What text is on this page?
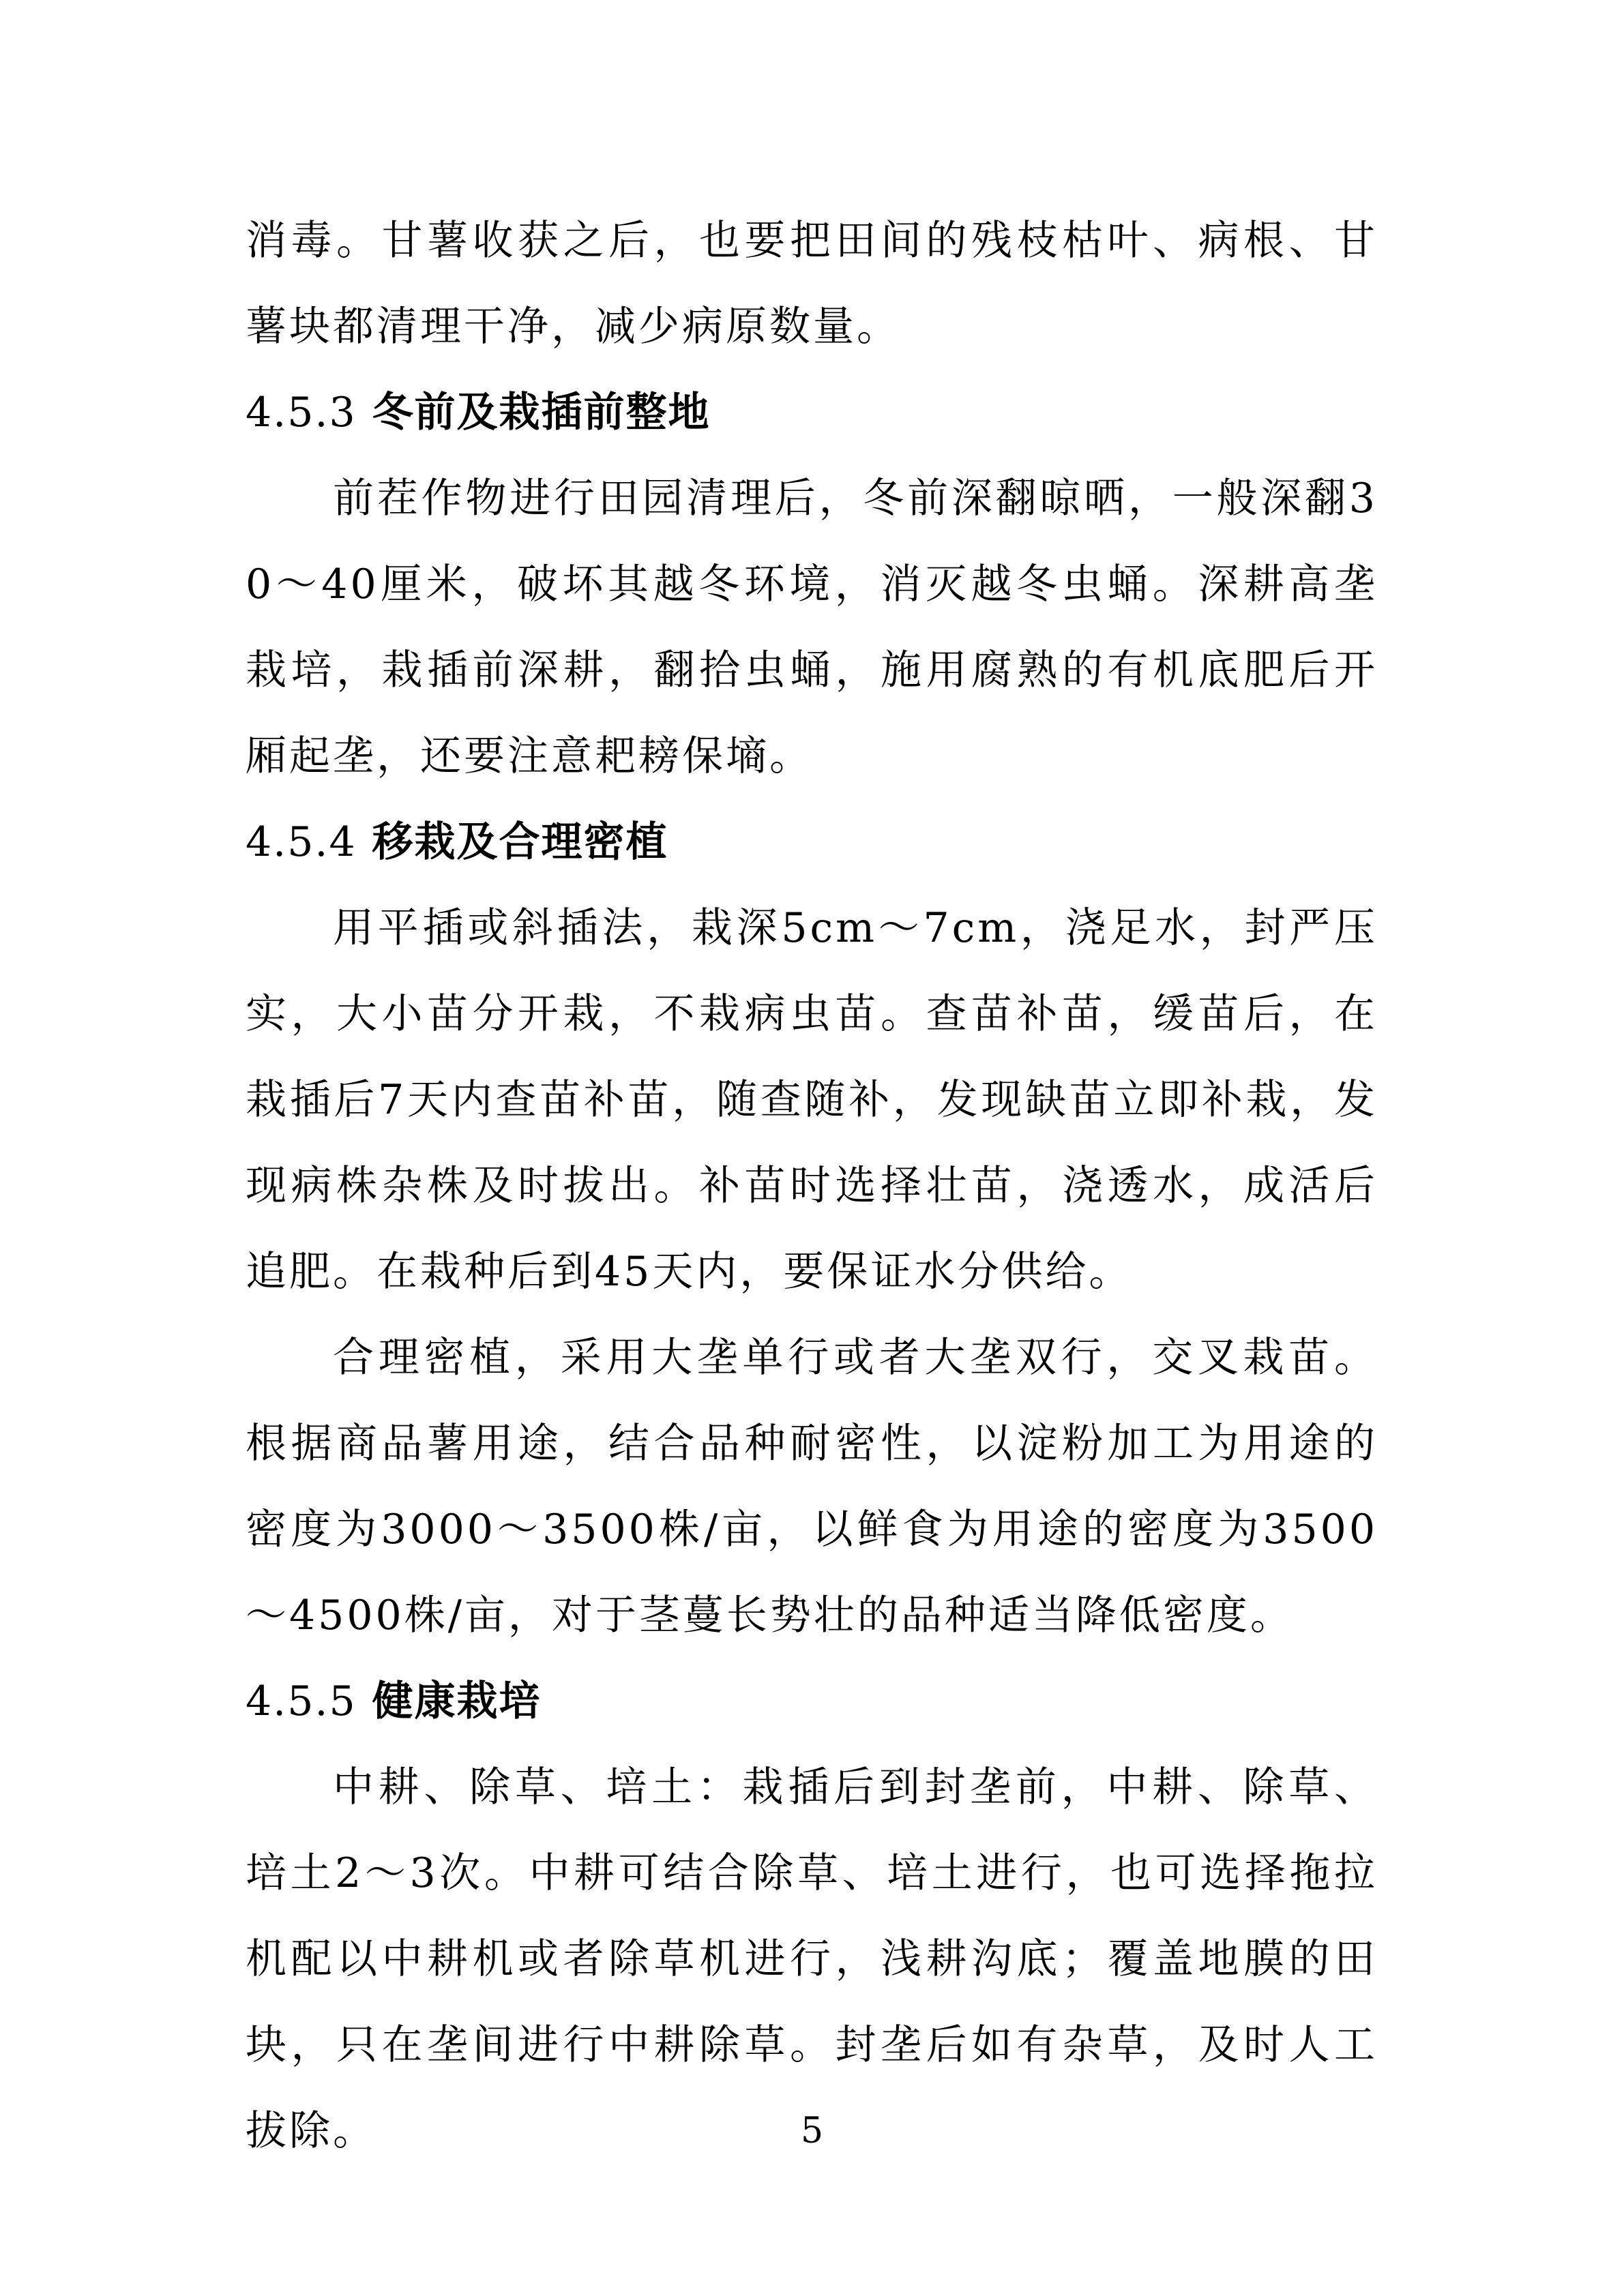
消毒。甘薯收获之后，也要把田间的残枝枯叶、病根、甘薯块都清理干净，减少病原数量。

4.5.3 冬前及栽插前整地

前茬作物进行田园清理后，冬前深翻晾晒，一般深翻30～40厘米，破坏其越冬环境，消灭越冬虫蛹。深耕高垄栽培，栽插前深耕，翻拾虫蛹，施用腐熟的有机底肥后开厢起垄，还要注意耙耪保墒。

4.5.4 移栽及合理密植

用平插或斜插法，栽深5cm～7cm，浇足水，封严压实，大小苗分开栽，不栽病虫苗。查苗补苗，缓苗后，在栽插后7天内查苗补苗，随查随补，发现缺苗立即补栽，发现病株杂株及时拔出。补苗时选择壮苗，浇透水，成活后追肥。在栽种后到45天内，要保证水分供给。

合理密植，采用大垄单行或者大垄双行，交叉栽苗。根据商品薯用途，结合品种耐密性，以淀粉加工为用途的密度为3000～3500株/亩，以鲜食为用途的密度为3500～4500株/亩，对于茎蔓长势壮的品种适当降低密度。

4.5.5 健康栽培

中耕、除草、培土：栽插后到封垄前，中耕、除草、培土2～3次。中耕可结合除草、培土进行，也可选择拖拉机配以中耕机或者除草机进行，浅耕沟底；覆盖地膜的田块，只在垄间进行中耕除草。封垄后如有杂草，及时人工拔除。	5
